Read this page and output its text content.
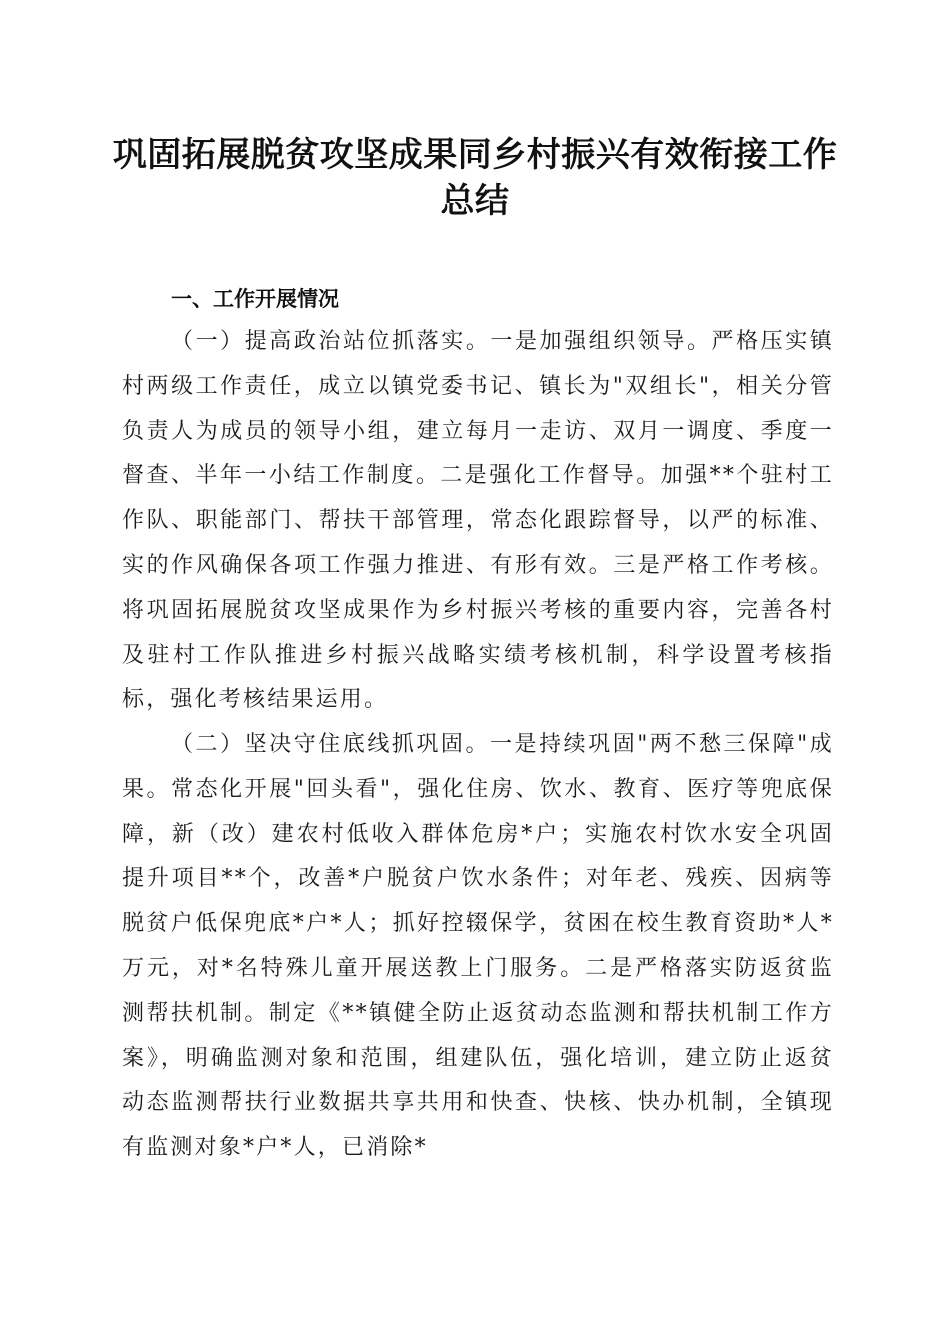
巩固拓展脱贫攻坚成果同乡村振兴有效衔接工作总结
一、工作开展情况

（一）提高政治站位抓落实。一是加强组织领导。严格压实镇村两级工作责任，成立以镇党委书记、镇长为"双组长"，相关分管负责人为成员的领导小组，建立每月一走访、双月一调度、季度一督查、半年一小结工作制度。二是强化工作督导。加强**个驻村工作队、职能部门、帮扶干部管理，常态化跟踪督导，以严的标准、实的作风确保各项工作强力推进、有形有效。三是严格工作考核。将巩固拓展脱贫攻坚成果作为乡村振兴考核的重要内容，完善各村及驻村工作队推进乡村振兴战略实绩考核机制，科学设置考核指标，强化考核结果运用。

（二）坚决守住底线抓巩固。一是持续巩固"两不愁三保障"成果。常态化开展"回头看"，强化住房、饮水、教育、医疗等兜底保障，新（改）建农村低收入群体危房*户；实施农村饮水安全巩固提升项目**个，改善*户脱贫户饮水条件；对年老、残疾、因病等脱贫户低保兜底*户*人；抓好控辍保学，贫困在校生教育资助*人*万元，对*名特殊儿童开展送教上门服务。二是严格落实防返贫监测帮扶机制。制定《**镇健全防止返贫动态监测和帮扶机制工作方案》，明确监测对象和范围，组建队伍，强化培训，建立防止返贫动态监测帮扶行业数据共享共用和快查、快核、快办机制，全镇现有监测对象*户*人，已消除*
